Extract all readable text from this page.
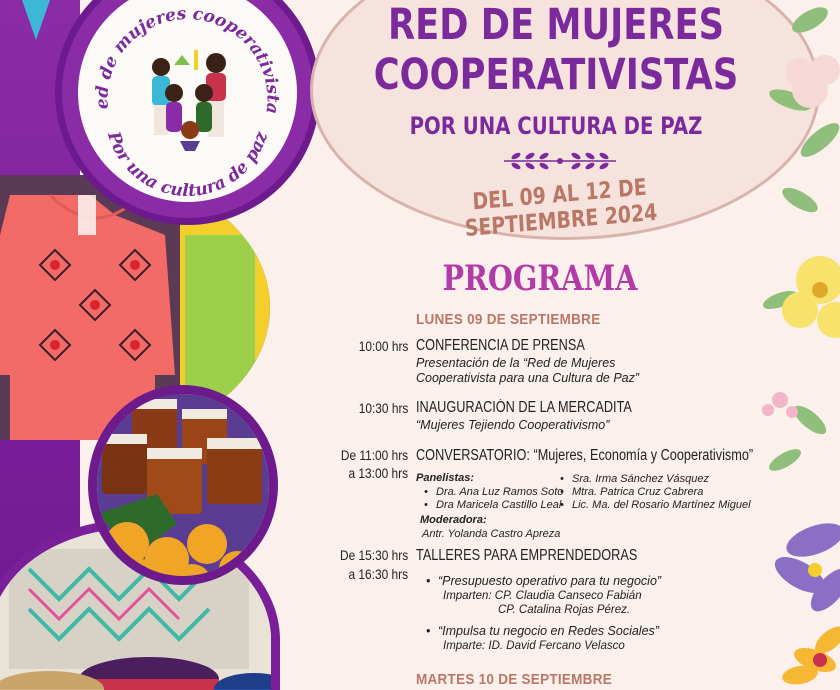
ed de mujeres cooperativista
Por una cultura de paz
RED DE MUJERES
COOPERATIVISTAS
POR UNA CULTURA DE PAZ
DEL 09 AL 12 DE SEPTIEMBRE 2024
PROGRAMA
LUNES 09 DE SEPTIEMBRE
10:00 hrs CONFERENCIA DE PRENSA
Presentación de la “Red de Mujeres
Cooperativista para una Cultura de Paz”
10:30 hrs INAUGURACIÓN DE LA MERCADITA
“Mujeres Tejiendo Cooperativismo”
De 11:00 hrs
a 13:00 hrs
CONVERSATORIO: “Mujeres, Economía y Cooperativismo”
Panelistas:
• Dra. Ana Luz Ramos Soto
• Dra Maricela Castillo Leal
• Sra. Irma Sánchez Vásquez
• Mtra. Patrica Cruz Cabrera
• Lic. Ma. del Rosario Martínez Miguel
Moderadora:
Antr. Yolanda Castro Apreza
De 15:30 hrs
a 16:30 hrs
TALLERES PARA EMPRENDEDORAS
• “Presupuesto operativo para tu negocio”
Imparten: CP. Claudia Canseco Fabián
CP. Catalina Rojas Pérez.
• “Impulsa tu negocio en Redes Sociales”
Imparte: ID. David Fercano Velasco
MARTES 10 DE SEPTIEMBRE
